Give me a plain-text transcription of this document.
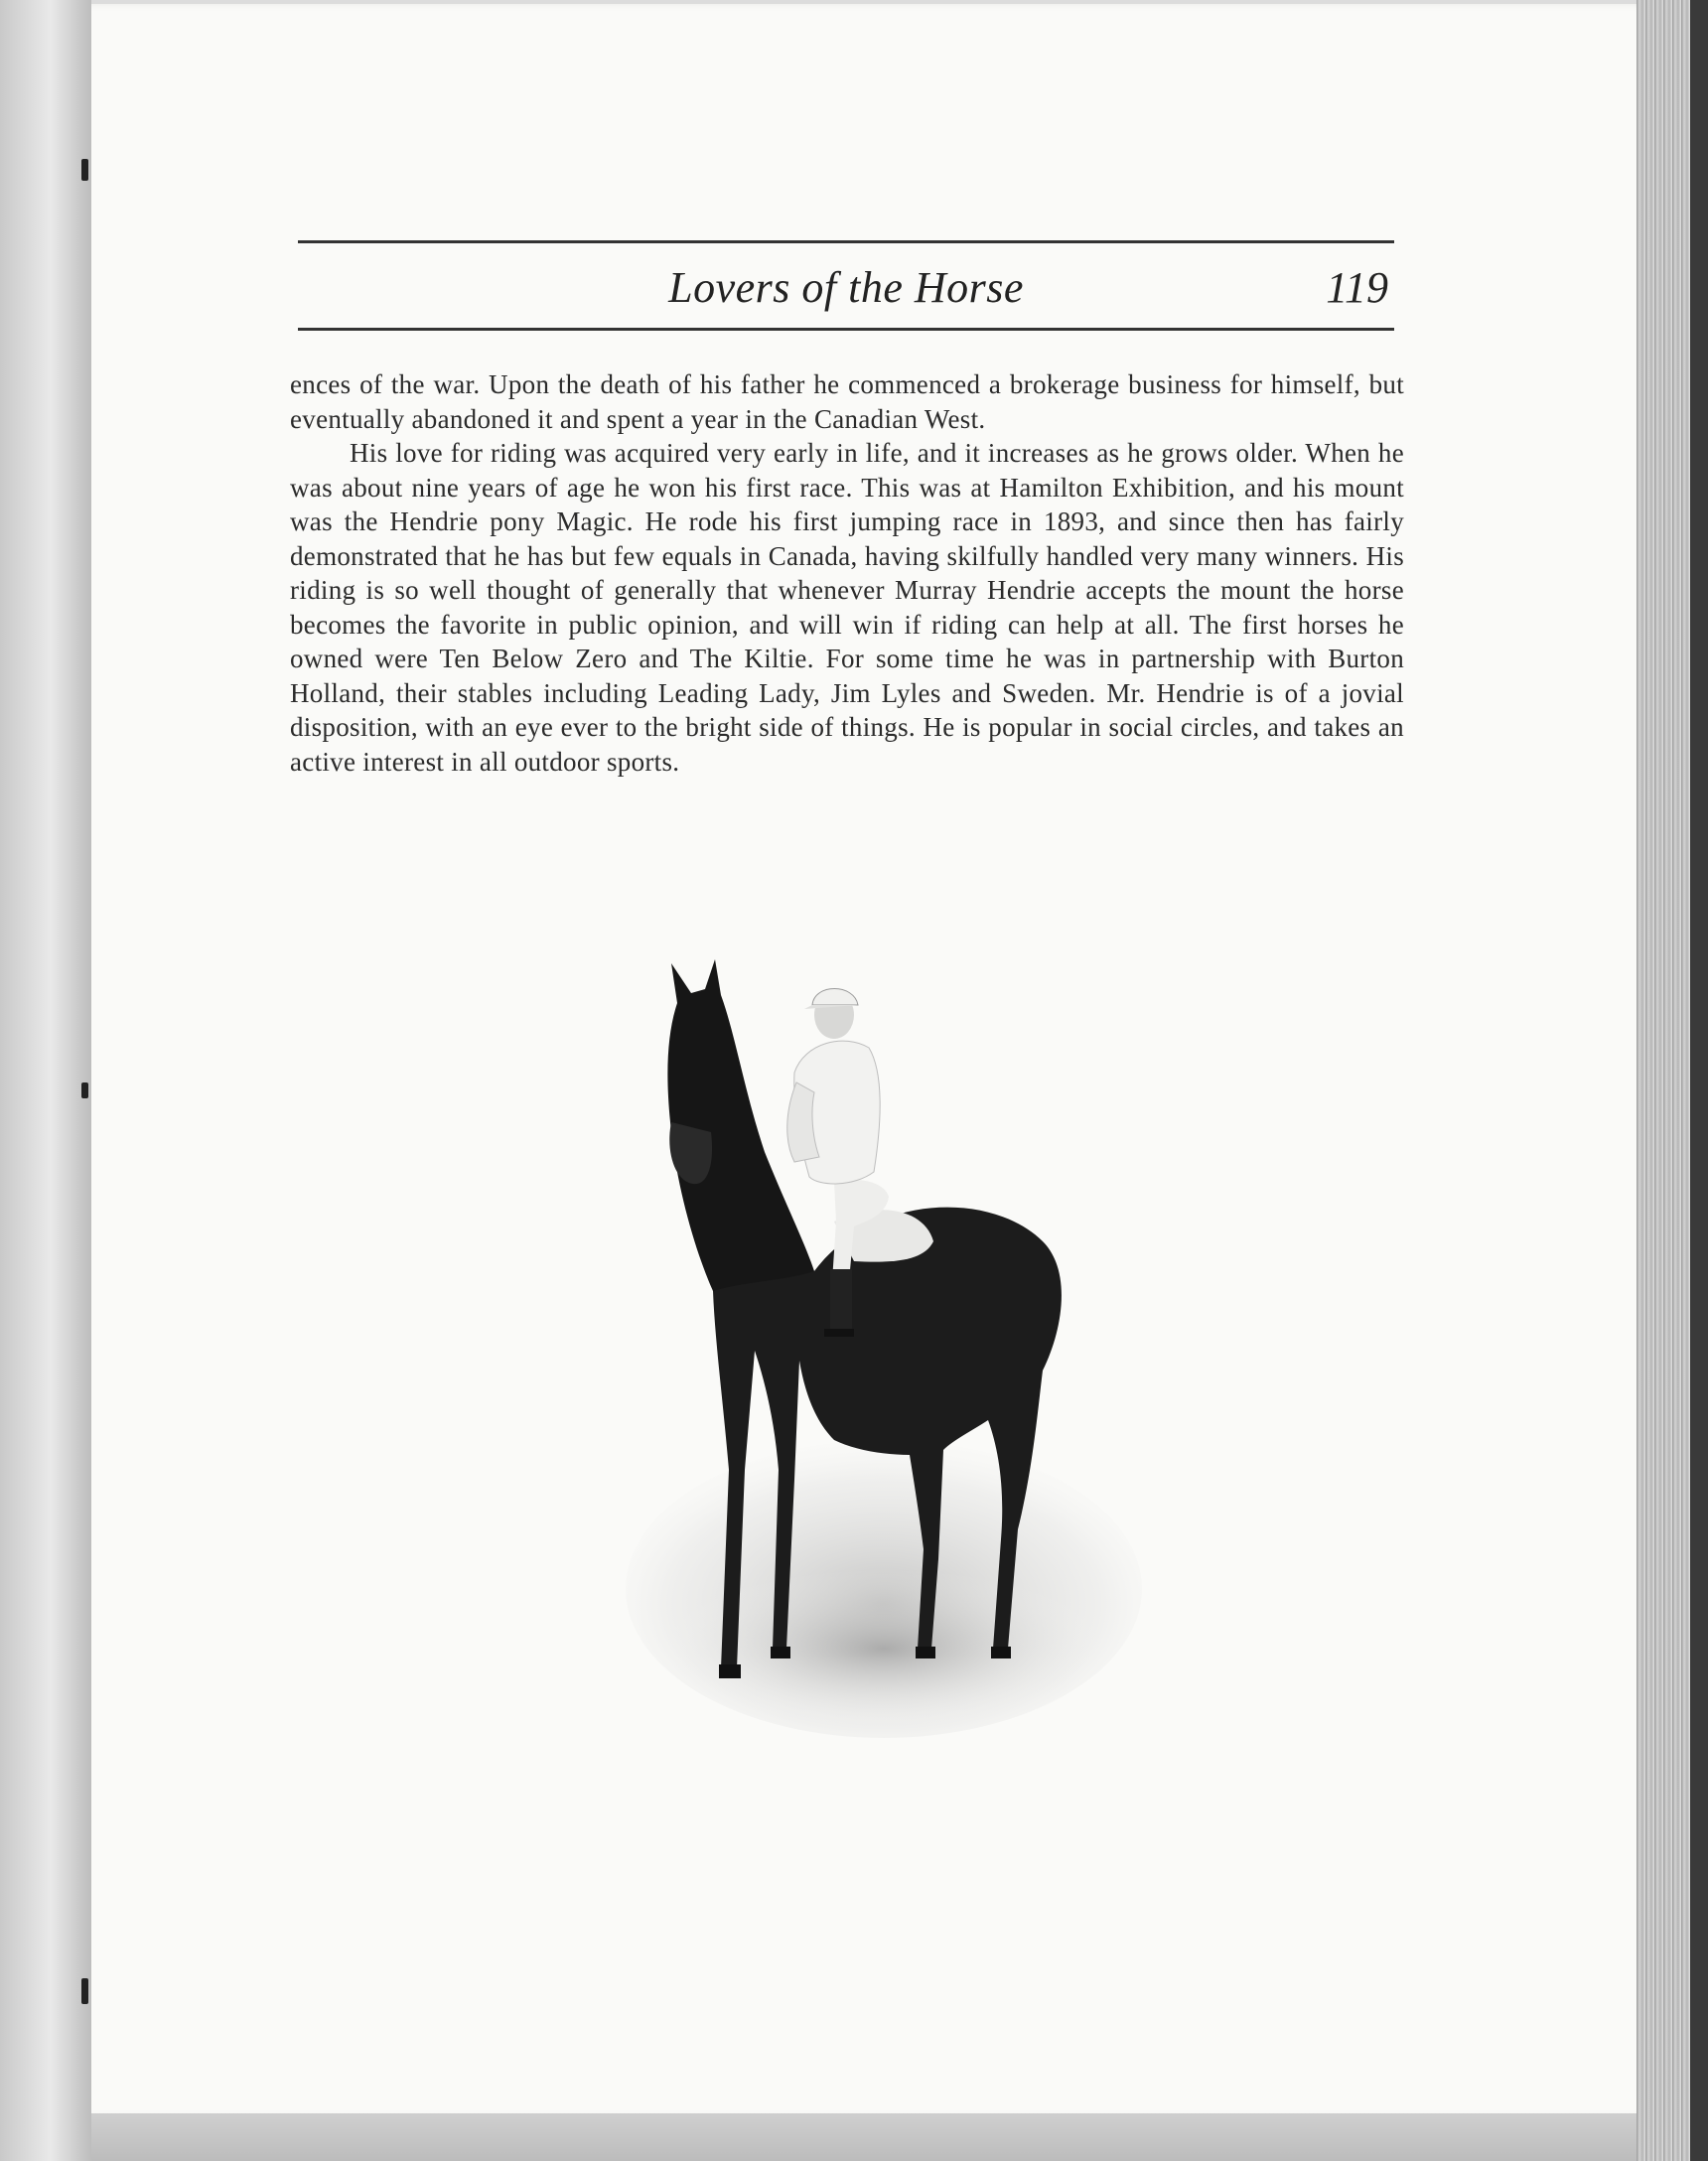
Lovers of the Horse	119

ences of the war. Upon the death of his father he commenced a brokerage business for himself, but eventually abandoned it and spent a year in the Canadian West.

His love for riding was acquired very early in life, and it increases as he grows older. When he was about nine years of age he won his first race. This was at Hamilton Exhibition, and his mount was the Hendrie pony Magic. He rode his first jumping race in 1893, and since then has fairly demonstrated that he has but few equals in Canada, having skilfully handled very many winners. His riding is so well thought of generally that whenever Murray Hendrie accepts the mount the horse becomes the favorite in public opinion, and will win if riding can help at all. The first horses he owned were Ten Below Zero and The Kiltie. For some time he was in partnership with Burton Holland, their stables including Leading Lady, Jim Lyles and Sweden. Mr. Hendrie is of a jovial disposition, with an eye ever to the bright side of things. He is popular in social circles, and takes an active interest in all outdoor sports.
